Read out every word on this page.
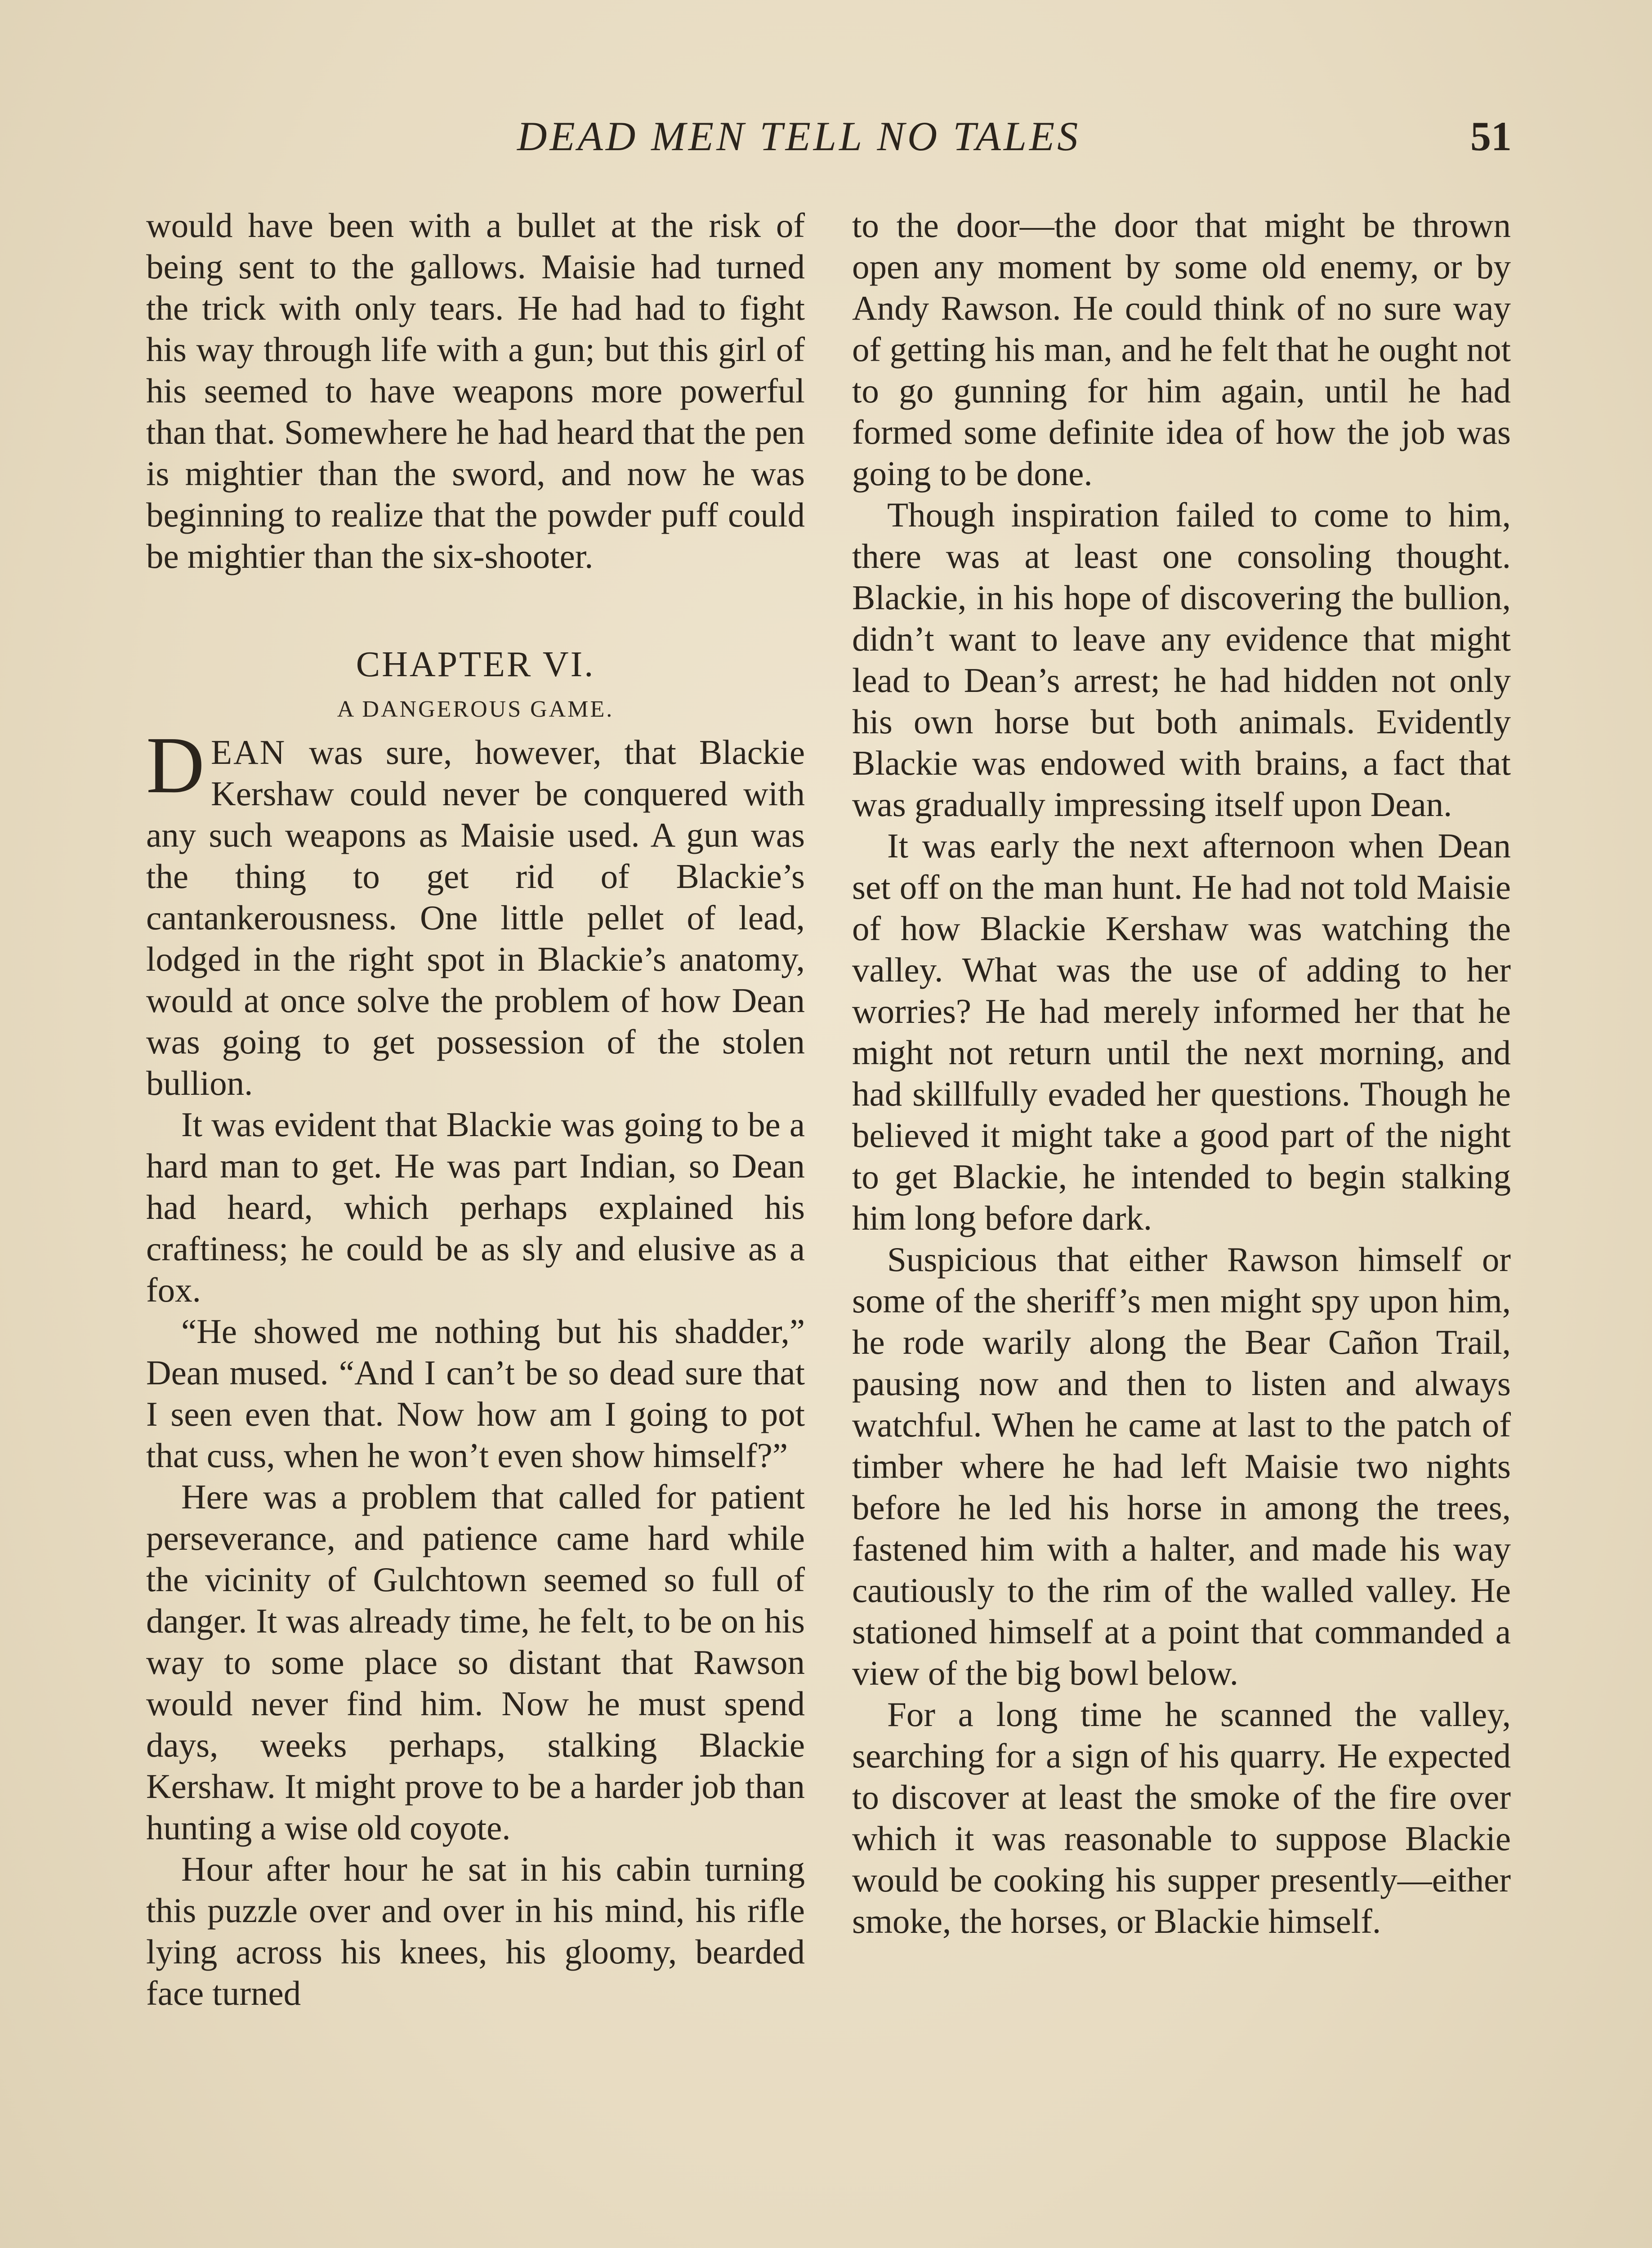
DEAD MEN TELL NO TALES	51

would have been with a bullet at the risk of being sent to the gallows. Maisie had turned the trick with only tears. He had had to fight his way through life with a gun; but this girl of his seemed to have weapons more powerful than that. Somewhere he had heard that the pen is mightier than the sword, and now he was beginning to realize that the powder puff could be mightier than the six-shooter.

CHAPTER VI.
A DANGEROUS GAME.

DEAN was sure, however, that Blackie Kershaw could never be conquered with any such weapons as Maisie used. A gun was the thing to get rid of Blackie’s cantankerousness. One little pellet of lead, lodged in the right spot in Blackie’s anatomy, would at once solve the problem of how Dean was going to get possession of the stolen bullion.

It was evident that Blackie was going to be a hard man to get. He was part Indian, so Dean had heard, which perhaps explained his craftiness; he could be as sly and elusive as a fox.

“He showed me nothing but his shadder,” Dean mused. “And I can’t be so dead sure that I seen even that. Now how am I going to pot that cuss, when he won’t even show himself?”

Here was a problem that called for patient perseverance, and patience came hard while the vicinity of Gulchtown seemed so full of danger. It was already time, he felt, to be on his way to some place so distant that Rawson would never find him. Now he must spend days, weeks perhaps, stalking Blackie Kershaw. It might prove to be a harder job than hunting a wise old coyote.

Hour after hour he sat in his cabin turning this puzzle over and over in his mind, his rifle lying across his knees, his gloomy, bearded face turned

to the door—the door that might be thrown open any moment by some old enemy, or by Andy Rawson. He could think of no sure way of getting his man, and he felt that he ought not to go gunning for him again, until he had formed some definite idea of how the job was going to be done.

Though inspiration failed to come to him, there was at least one consoling thought. Blackie, in his hope of discovering the bullion, didn’t want to leave any evidence that might lead to Dean’s arrest; he had hidden not only his own horse but both animals. Evidently Blackie was endowed with brains, a fact that was gradually impressing itself upon Dean.

It was early the next afternoon when Dean set off on the man hunt. He had not told Maisie of how Blackie Kershaw was watching the valley. What was the use of adding to her worries? He had merely informed her that he might not return until the next morning, and had skillfully evaded her questions. Though he believed it might take a good part of the night to get Blackie, he intended to begin stalking him long before dark.

Suspicious that either Rawson himself or some of the sheriff’s men might spy upon him, he rode warily along the Bear Cañon Trail, pausing now and then to listen and always watchful. When he came at last to the patch of timber where he had left Maisie two nights before he led his horse in among the trees, fastened him with a halter, and made his way cautiously to the rim of the walled valley. He stationed himself at a point that commanded a view of the big bowl below.

For a long time he scanned the valley, searching for a sign of his quarry. He expected to discover at least the smoke of the fire over which it was reasonable to suppose Blackie would be cooking his supper presently—either smoke, the horses, or Blackie himself.
